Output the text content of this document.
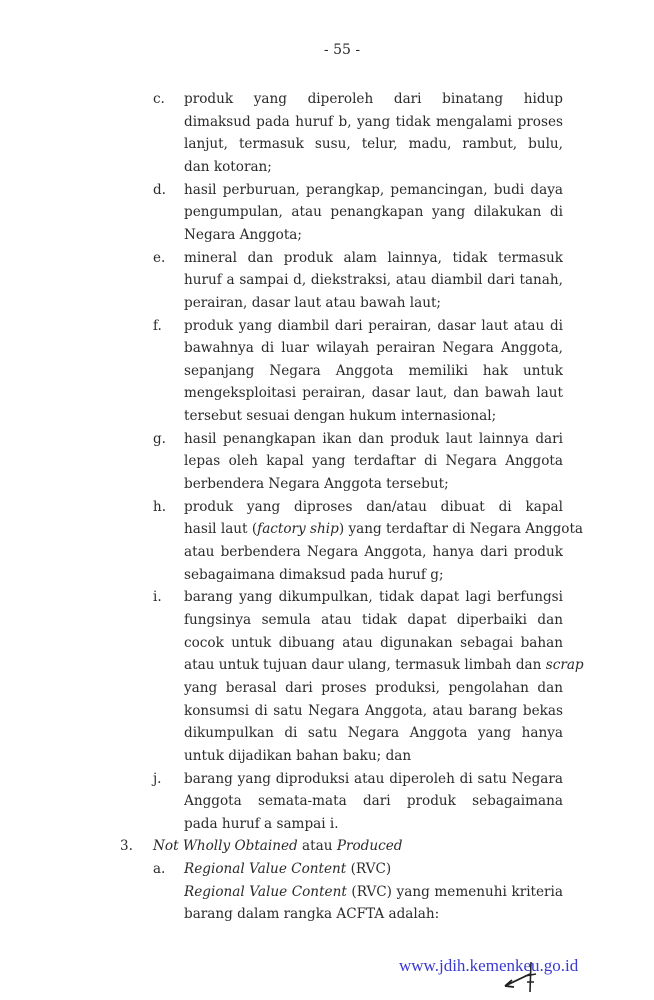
- 55 -
c. produk yang diperoleh dari binatang hidup
dimaksud pada huruf b, yang tidak mengalami proses
lanjut, termasuk susu, telur, madu, rambut, bulu,
dan kotoran;
d. hasil perburuan, perangkap, pemancingan, budi daya
pengumpulan, atau penangkapan yang dilakukan di
Negara Anggota;
e. mineral dan produk alam lainnya, tidak termasuk
huruf a sampai d, diekstraksi, atau diambil dari tanah,
perairan, dasar laut atau bawah laut;
f. produk yang diambil dari perairan, dasar laut atau di
bawahnya di luar wilayah perairan Negara Anggota,
sepanjang Negara Anggota memiliki hak untuk
mengeksploitasi perairan, dasar laut, dan bawah laut
tersebut sesuai dengan hukum internasional;
g. hasil penangkapan ikan dan produk laut lainnya dari
lepas oleh kapal yang terdaftar di Negara Anggota
berbendera Negara Anggota tersebut;
h. produk yang diproses dan/atau dibuat di kapal
hasil laut (factory ship) yang terdaftar di Negara Anggota
atau berbendera Negara Anggota, hanya dari produk
sebagaimana dimaksud pada huruf g;
i. barang yang dikumpulkan, tidak dapat lagi berfungsi
fungsinya semula atau tidak dapat diperbaiki dan
cocok untuk dibuang atau digunakan sebagai bahan
atau untuk tujuan daur ulang, termasuk limbah dan scrap
yang berasal dari proses produksi, pengolahan dan
konsumsi di satu Negara Anggota, atau barang bekas
dikumpulkan di satu Negara Anggota yang hanya
untuk dijadikan bahan baku; dan
j. barang yang diproduksi atau diperoleh di satu Negara
Anggota semata-mata dari produk sebagaimana
pada huruf a sampai i.
3. Not Wholly Obtained atau Produced
a. Regional Value Content (RVC)
Regional Value Content (RVC) yang memenuhi kriteria
barang dalam rangka ACFTA adalah:
www.jdih.kemenkeu.go.id
